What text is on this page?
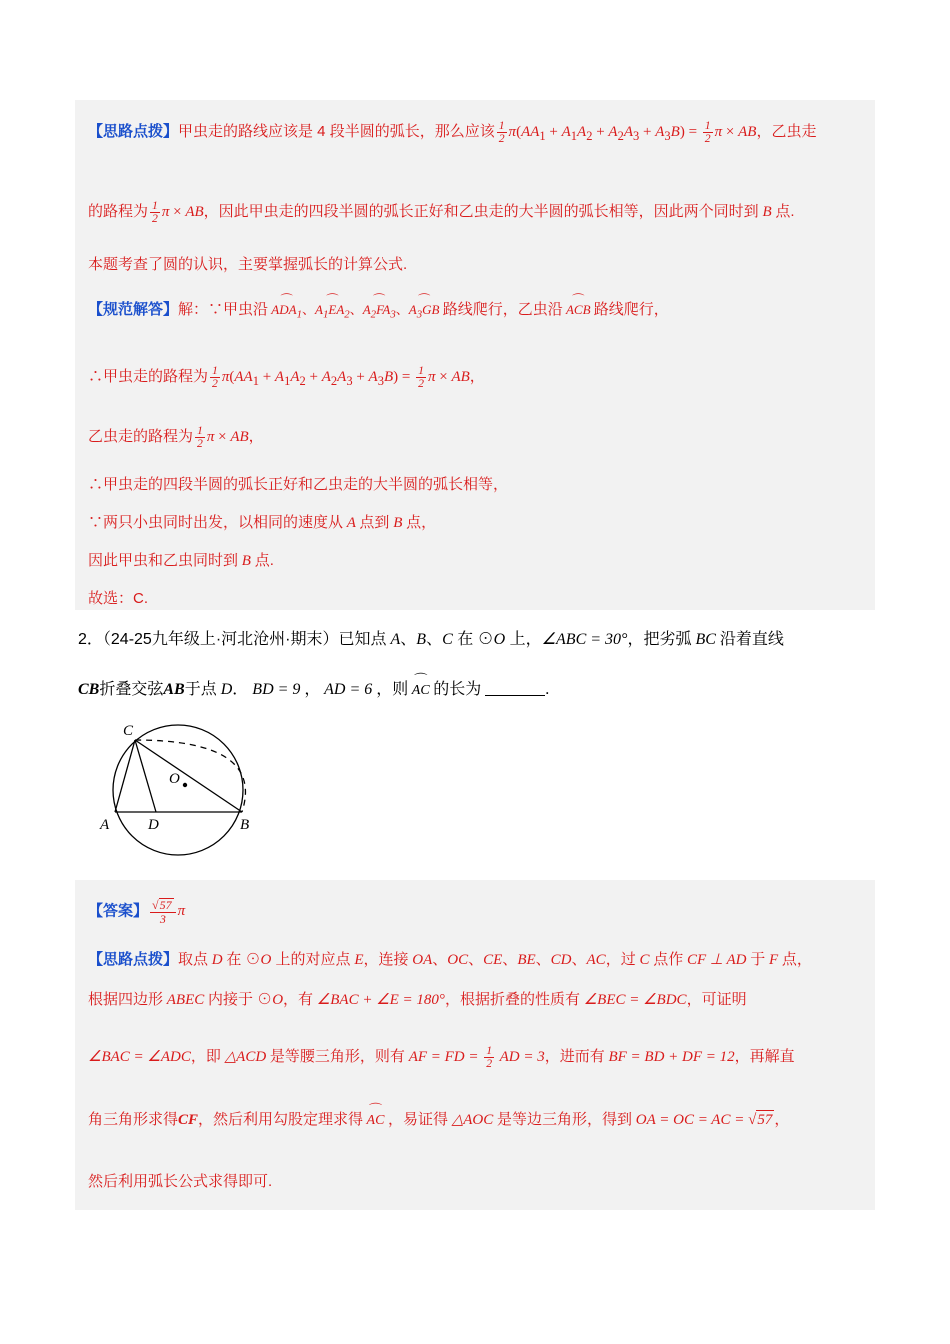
【思路点拨】甲虫走的路线应该是 4 段半圆的弧长，那么应该 $\frac{1}{2} \pi(AA_1 + A_1A_2 + A_2A_3 + A_3B) = \frac{1}{2}$ π × AB，乙虫走
的路程为 $\frac{1}{2}$ π × AB，因此甲虫走的四段半圆的弧长正好和乙虫走的大半圆的弧长相等，因此两个同时到 B 点.
本题考查了圆的认识，主要掌握弧长的计算公式.
【规范解答】解：∵甲虫沿 ⌒ $ADA_1$、⌒ $A_1EA_2$、⌒ $A_2FA_3$、⌒ $A_3GB$ 路线爬行，乙虫沿 ⌒ ACB 路线爬行，
∴甲虫走的路程为 $\frac{1}{2} \pi(AA_1 + A_1A_2 + A_2A_3 + A_3B) = \frac{1}{2}$ π × AB，
乙虫走的路程为 $\frac{1}{2}$ π × AB，
∴甲虫走的四段半圆的弧长正好和乙虫走的大半圆的弧长相等，
∵两只小虫同时出发，以相同的速度从 A 点到 B 点，
因此甲虫和乙虫同时到 B 点.
故选：C.
2．（24-25九年级上·河北沧州·期末）已知点 A、B、C 在 ⊙O 上，∠ABC = 30°，把劣弧 BC 沿着直线
CB折叠交弦AB于点 D． BD = 9 ， AD = 6 ，则 ⌒ AC 的长为	.
C
O
A	D	B
【答案】 $\frac{√57}{3}$ π
【思路点拨】取点 D 在 ⊙O 上的对应点 E，连接 OA、OC、CE、BE、CD、AC，过 C 点作 CF ⊥ AD 于 F 点，
根据四边形 ABEC 内接于 ⊙O，有 ∠BAC + ∠E = 180°，根据折叠的性质有 ∠BEC = ∠BDC，可证明
∠BAC = ∠ADC，即 △ACD 是等腰三角形，则有 AF = FD = $\frac{1}{2}$ AD = 3，进而有 BF = BD + DF = 12，再解直
角三角形求得CF，然后利用勾股定理求得 ⌒ AC ，易证得 △AOC 是等边三角形，得到 OA = OC = AC = √57 ，
然后利用弧长公式求得即可.
